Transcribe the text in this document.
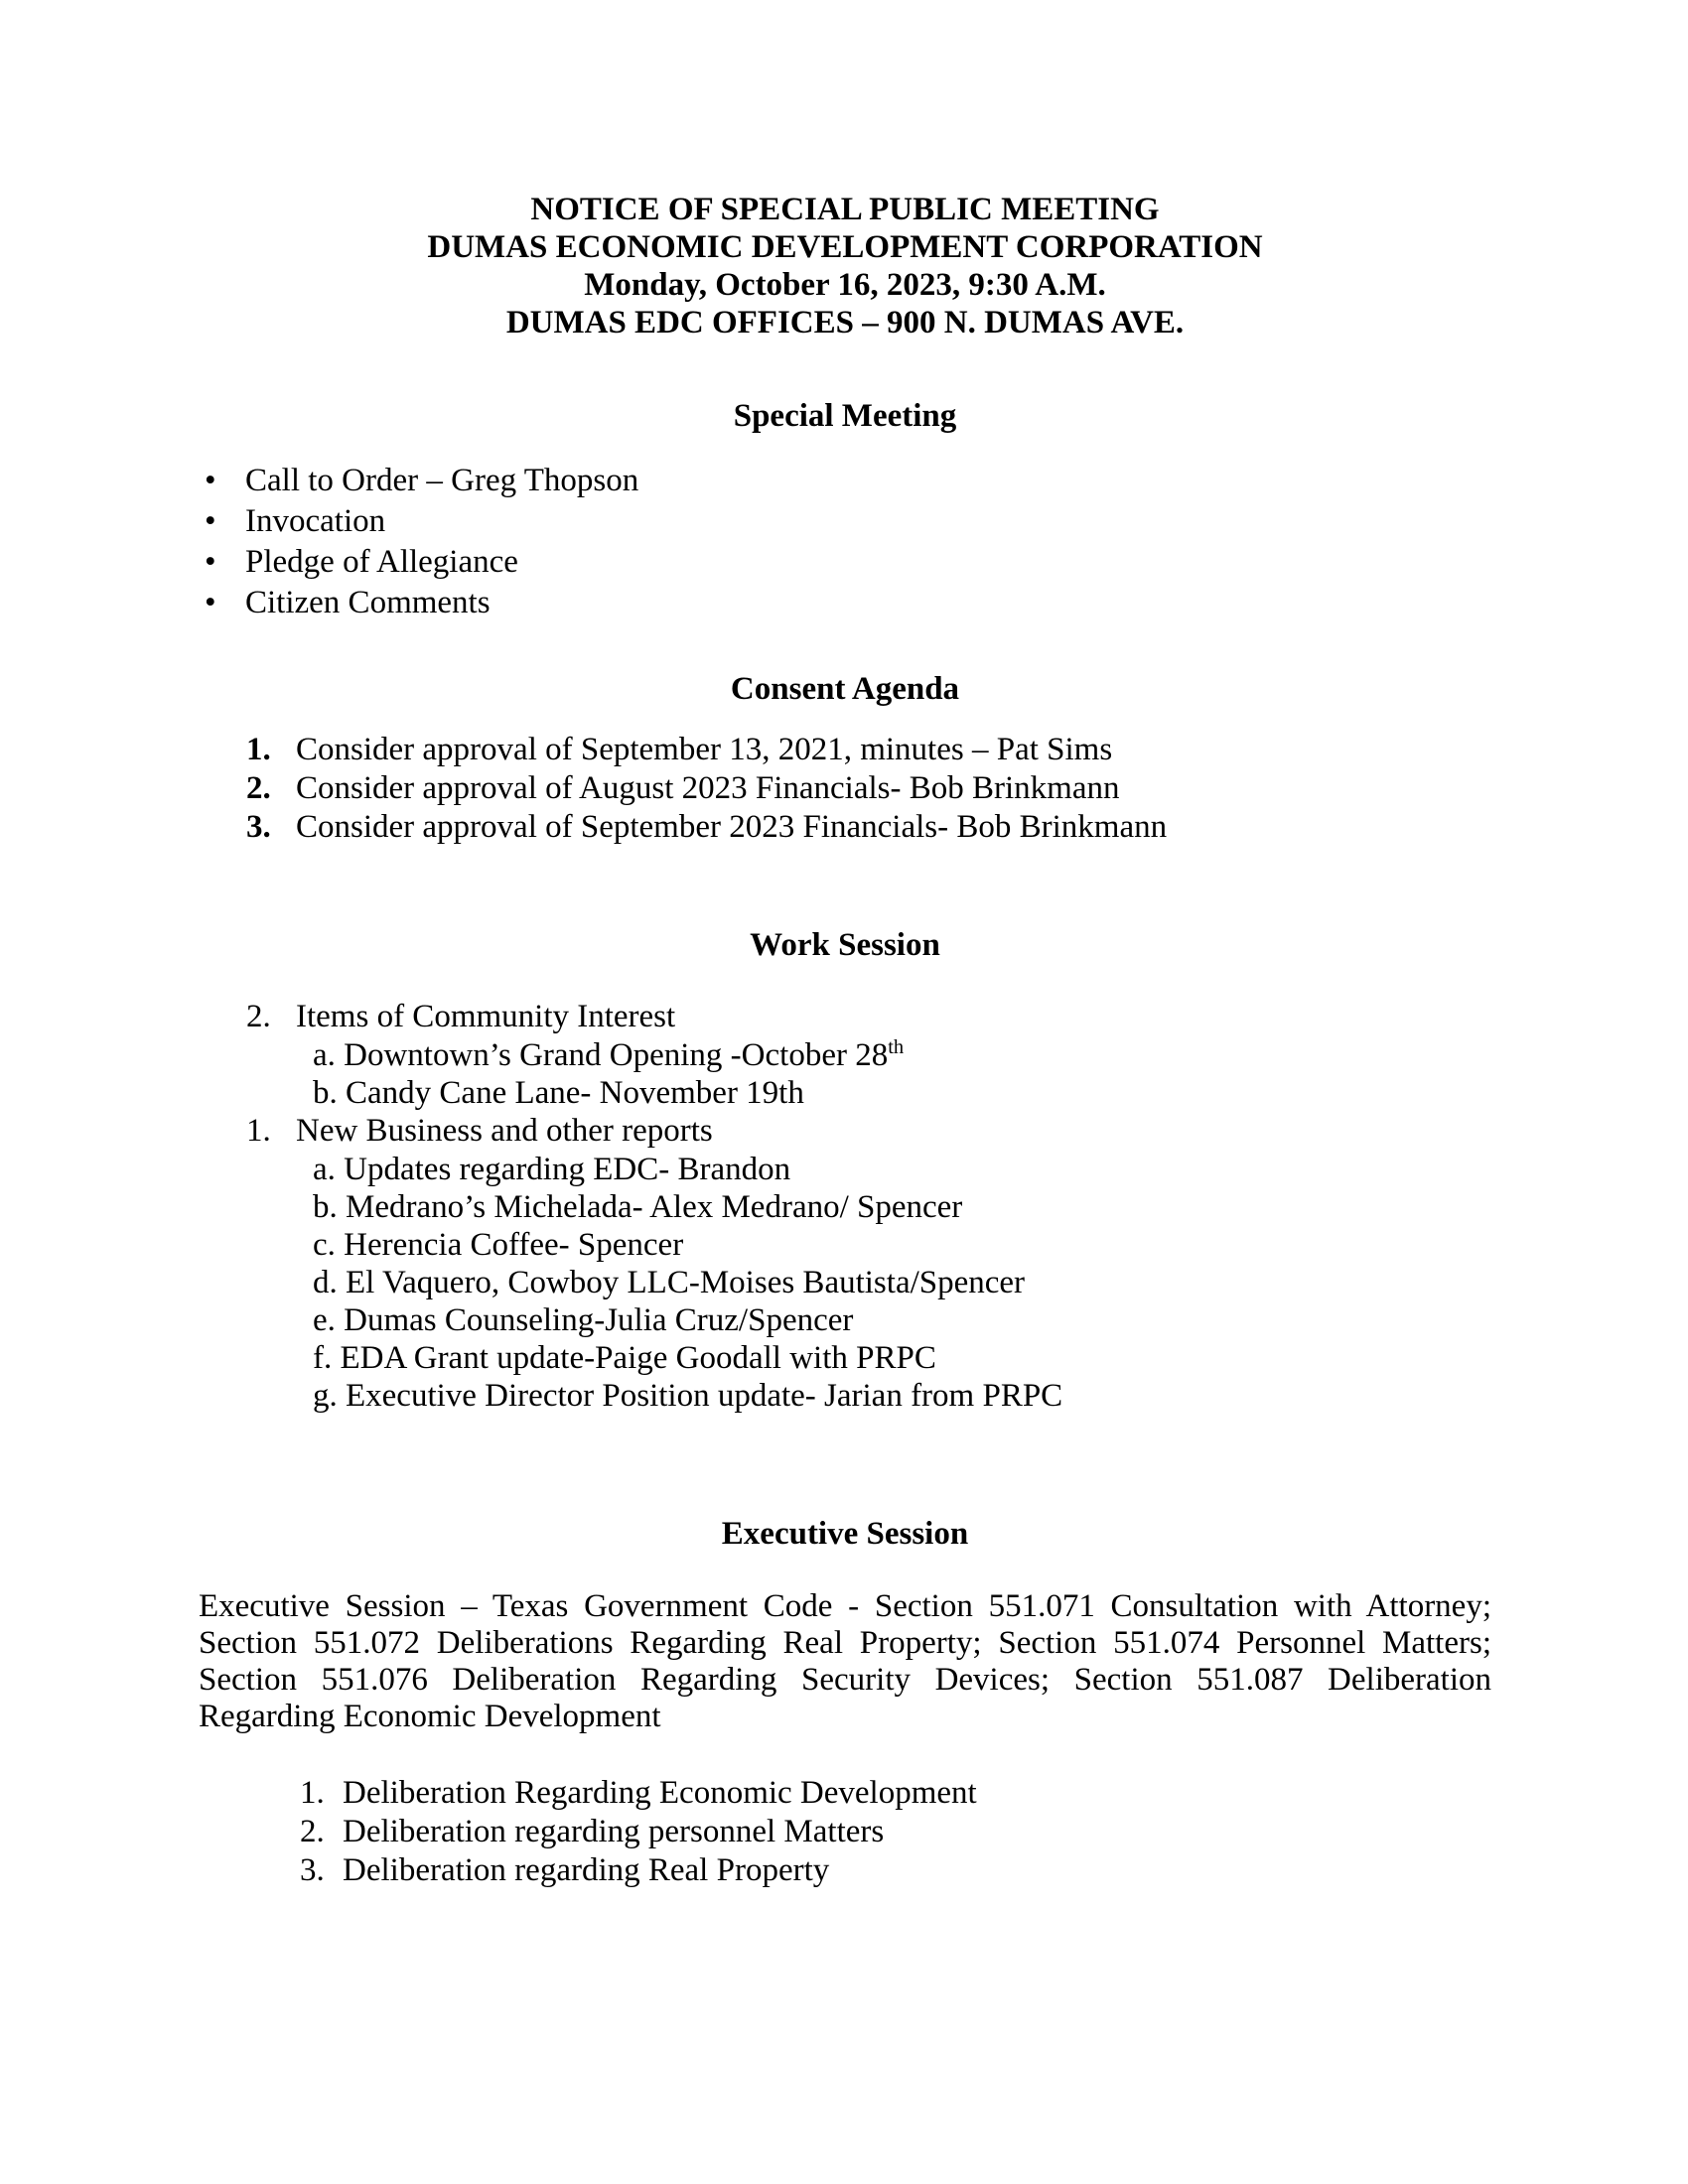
NOTICE OF SPECIAL PUBLIC MEETING
DUMAS ECONOMIC DEVELOPMENT CORPORATION
Monday, October 16, 2023, 9:30 A.M.
DUMAS EDC OFFICES – 900 N. DUMAS AVE.
Special Meeting
• Call to Order – Greg Thopson
• Invocation
• Pledge of Allegiance
• Citizen Comments
Consent Agenda
1. Consider approval of September 13, 2021, minutes – Pat Sims
2. Consider approval of August 2023 Financials- Bob Brinkmann
3. Consider approval of September 2023 Financials- Bob Brinkmann
Work Session
2. Items of Community Interest
a. Downtown’s Grand Opening -October 28th
b. Candy Cane Lane- November 19th
1. New Business and other reports
a. Updates regarding EDC- Brandon
b. Medrano’s Michelada- Alex Medrano/ Spencer
c. Herencia Coffee- Spencer
d. El Vaquero, Cowboy LLC-Moises Bautista/Spencer
e. Dumas Counseling-Julia Cruz/Spencer
f. EDA Grant update-Paige Goodall with PRPC
g. Executive Director Position update- Jarian from PRPC
Executive Session
Executive Session – Texas Government Code - Section 551.071 Consultation with Attorney;
Section 551.072 Deliberations Regarding Real Property; Section 551.074 Personnel Matters;
Section 551.076 Deliberation Regarding Security Devices; Section 551.087 Deliberation
Regarding Economic Development
1. Deliberation Regarding Economic Development
2. Deliberation regarding personnel Matters
3. Deliberation regarding Real Property
